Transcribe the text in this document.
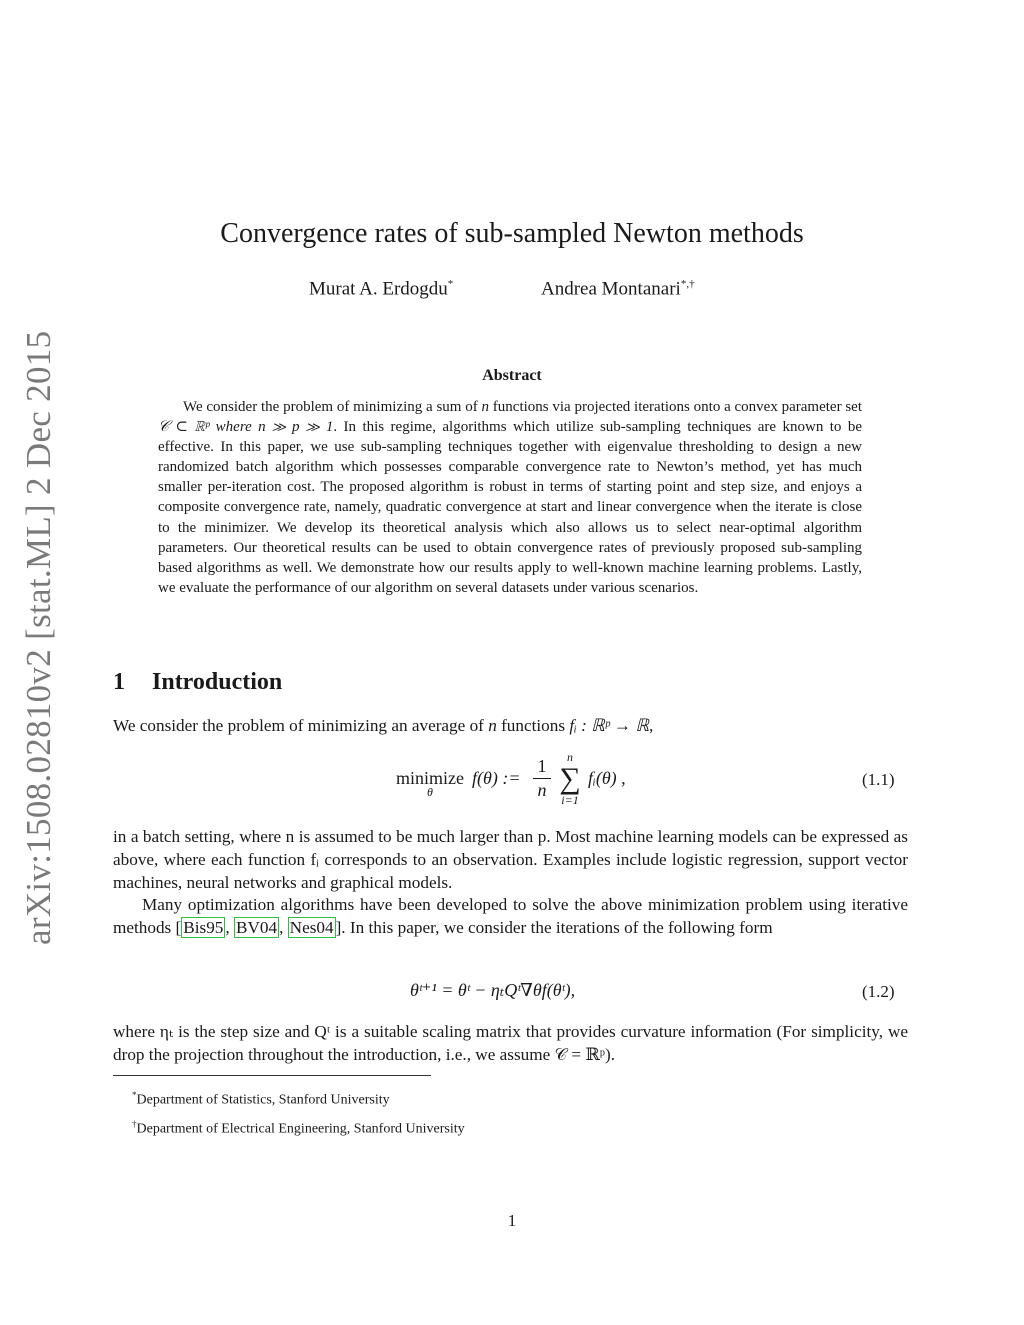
arXiv:1508.02810v2 [stat.ML] 2 Dec 2015
Convergence rates of sub-sampled Newton methods
Murat A. Erdogdu*	Andrea Montanari*,†
Abstract
We consider the problem of minimizing a sum of n functions via projected iterations onto a convex parameter set 𝒞 ⊂ ℝᵖ where n ≫ p ≫ 1. In this regime, algorithms which utilize sub-sampling techniques are known to be effective. In this paper, we use sub-sampling techniques together with eigenvalue thresholding to design a new randomized batch algorithm which possesses comparable convergence rate to Newton’s method, yet has much smaller per-iteration cost. The proposed algorithm is robust in terms of starting point and step size, and enjoys a composite convergence rate, namely, quadratic convergence at start and linear convergence when the iterate is close to the minimizer. We develop its theoretical analysis which also allows us to select near-optimal algorithm parameters. Our theoretical results can be used to obtain convergence rates of previously proposed sub-sampling based algorithms as well. We demonstrate how our results apply to well-known machine learning problems. Lastly, we evaluate the performance of our algorithm on several datasets under various scenarios.
1 Introduction
We consider the problem of minimizing an average of n functions fᵢ : ℝᵖ → ℝ,
minimize
θ
f(θ) :=
1
n
n
∑
i=1
fᵢ(θ) ,	(1.1)
in a batch setting, where n is assumed to be much larger than p. Most machine learning models can be expressed as above, where each function fᵢ corresponds to an observation. Examples include logistic regression, support vector machines, neural networks and graphical models.
Many optimization algorithms have been developed to solve the above minimization problem using iterative methods [ Bis95 , BV04 , Nes04 ]. In this paper, we consider the iterations of the following form
θᵗ⁺¹ = θᵗ − ηₜQᵗ∇θf(θᵗ),	(1.2)
where ηₜ is the step size and Qᵗ is a suitable scaling matrix that provides curvature information (For simplicity, we drop the projection throughout the introduction, i.e., we assume 𝒞 = ℝᵖ).
*Department of Statistics, Stanford University
†Department of Electrical Engineering, Stanford University
1
